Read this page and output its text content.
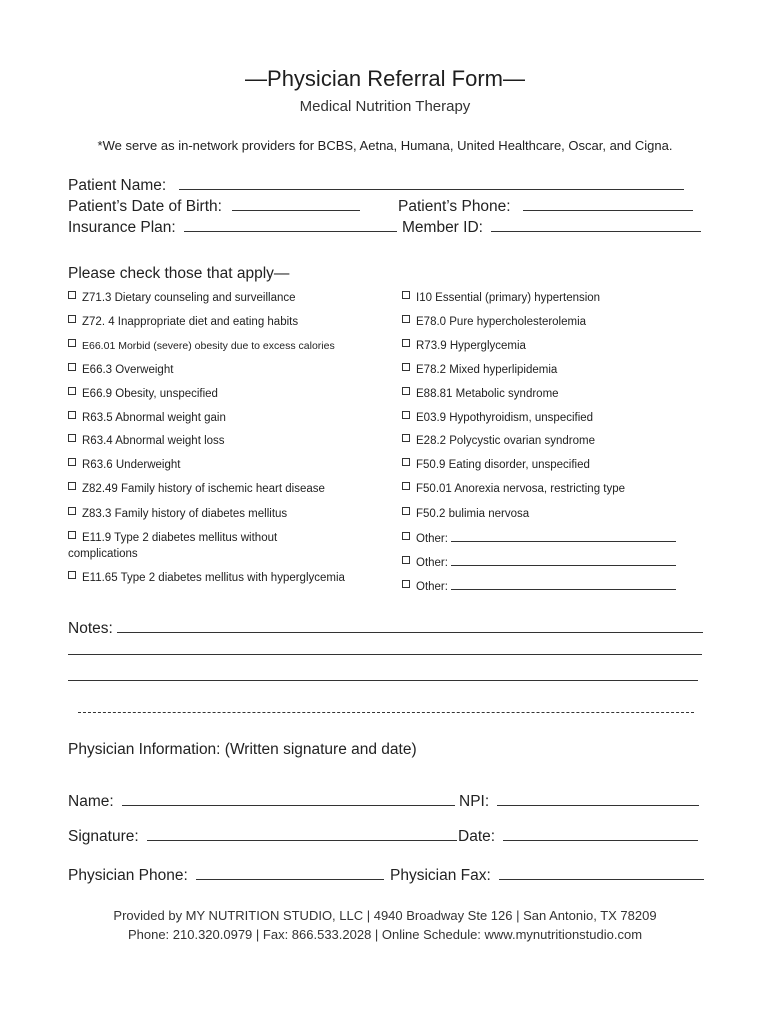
—Physician Referral Form—
Medical Nutrition Therapy
*We serve as in-network providers for BCBS, Aetna, Humana, United Healthcare, Oscar, and Cigna.
Patient Name:
Patient’s Date of Birth:	Patient’s Phone:
Insurance Plan:	Member ID:
Please check those that apply—
Z71.3 Dietary counseling and surveillance
Z72. 4 Inappropriate diet and eating habits
E66.01 Morbid (severe) obesity due to excess calories
E66.3 Overweight
E66.9 Obesity, unspecified
R63.5 Abnormal weight gain
R63.4 Abnormal weight loss
R63.6 Underweight
Z82.49 Family history of ischemic heart disease
Z83.3 Family history of diabetes mellitus
E11.9 Type 2 diabetes mellitus without complications
E11.65 Type 2 diabetes mellitus with hyperglycemia
I10 Essential (primary) hypertension
E78.0 Pure hypercholesterolemia
R73.9 Hyperglycemia
E78.2 Mixed hyperlipidemia
E88.81 Metabolic syndrome
E03.9 Hypothyroidism, unspecified
E28.2 Polycystic ovarian syndrome
F50.9 Eating disorder, unspecified
F50.01 Anorexia nervosa, restricting type
F50.2 bulimia nervosa
Other:
Other:
Other:
Notes:
Physician Information: (Written signature and date)
Name:	NPI:
Signature:	Date:
Physician Phone:	Physician Fax:
Provided by MY NUTRITION STUDIO, LLC | 4940 Broadway Ste 126 | San Antonio, TX 78209
Phone: 210.320.0979 | Fax: 866.533.2028 | Online Schedule: www.mynutritionstudio.com
